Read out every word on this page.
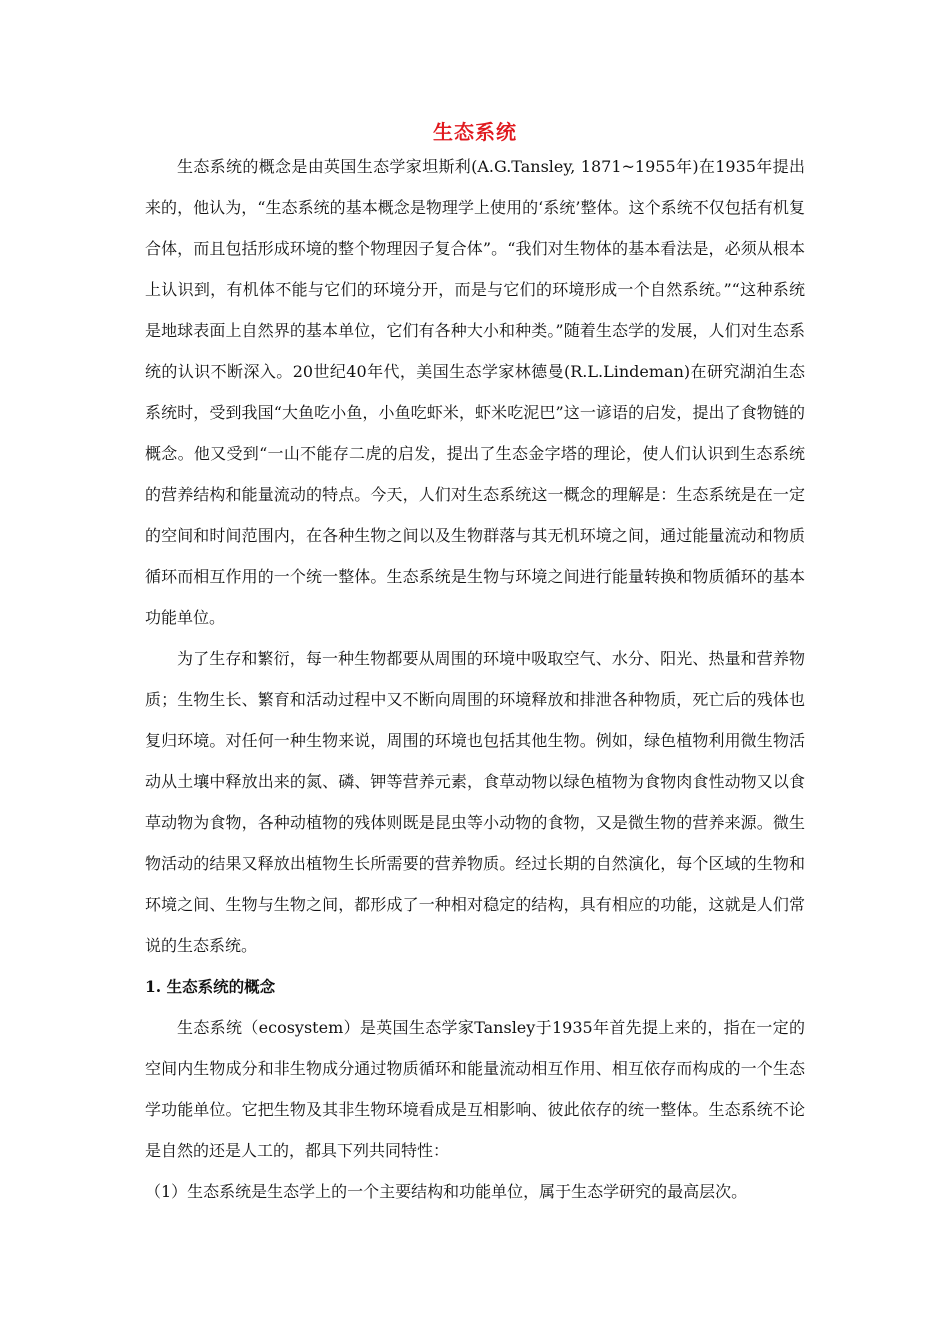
生态系统

生态系统的概念是由英国生态学家坦斯利(A.G.Tansley, 1871~1955年)在1935年提出来的，他认为，“生态系统的基本概念是物理学上使用的‘系统’整体。这个系统不仅包括有机复合体，而且包括形成环境的整个物理因子复合体”。“我们对生物体的基本看法是，必须从根本上认识到，有机体不能与它们的环境分开，而是与它们的环境形成一个自然系统。”“这种系统是地球表面上自然界的基本单位，它们有各种大小和种类。”随着生态学的发展，人们对生态系统的认识不断深入。20世纪40年代，美国生态学家林德曼(R.L.Lindeman)在研究湖泊生态系统时，受到我国“大鱼吃小鱼，小鱼吃虾米，虾米吃泥巴”这一谚语的启发，提出了食物链的概念。他又受到“一山不能存二虎的启发，提出了生态金字塔的理论，使人们认识到生态系统的营养结构和能量流动的特点。今天，人们对生态系统这一概念的理解是：生态系统是在一定的空间和时间范围内，在各种生物之间以及生物群落与其无机环境之间，通过能量流动和物质循环而相互作用的一个统一整体。生态系统是生物与环境之间进行能量转换和物质循环的基本功能单位。

为了生存和繁衍，每一种生物都要从周围的环境中吸取空气、水分、阳光、热量和营养物质；生物生长、繁育和活动过程中又不断向周围的环境释放和排泄各种物质，死亡后的残体也复归环境。对任何一种生物来说，周围的环境也包括其他生物。例如，绿色植物利用微生物活动从土壤中释放出来的氮、磷、钾等营养元素，食草动物以绿色植物为食物肉食性动物又以食草动物为食物，各种动植物的残体则既是昆虫等小动物的食物，又是微生物的营养来源。微生物活动的结果又释放出植物生长所需要的营养物质。经过长期的自然演化，每个区域的生物和环境之间、生物与生物之间，都形成了一种相对稳定的结构，具有相应的功能，这就是人们常说的生态系统。

1. 生态系统的概念

生态系统（ecosystem）是英国生态学家Tansley于1935年首先提上来的，指在一定的空间内生物成分和非生物成分通过物质循环和能量流动相互作用、相互依存而构成的一个生态学功能单位。它把生物及其非生物环境看成是互相影响、彼此依存的统一整体。生态系统不论是自然的还是人工的，都具下列共同特性：

（1）生态系统是生态学上的一个主要结构和功能单位，属于生态学研究的最高层次。
